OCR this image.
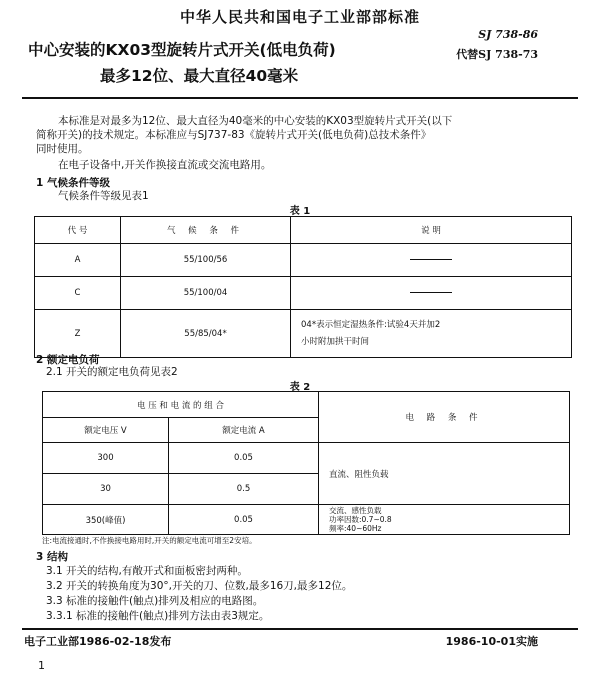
中华人民共和国电子工业部部标准
SJ 738-86
中心安装的KX03型旋转片式开关(低电负荷)	代替SJ 738-73
最多12位、最大直径40毫米
本标准是对最多为12位、最大直径为40毫米的中心安装的KX03型旋转片式开关(以下
简称开关)的技术规定。本标准应与SJ737-83《旋转片式开关(低电负荷)总技术条件》
同时使用。
在电子设备中,开关作换接直流或交流电路用。
1 气候条件等级
气候条件等级见表1
表 1
代 号	气 候 条 件	说 明
A	55/100/56	
C	55/100/04	
Z	55/85/04*	04*表示恒定湿热条件:试验4天并加2
小时附加拱干时间
2 额定电负荷
2.1 开关的额定电负荷见表2
表 2
电 压 和 电 流 的 组 合		电 路 条 件
额定电压 V	额定电流 A	
300	0.05	直流、阻性负载
30	0.5	
350(峰值)	0.05	交流、感性负载
功率因数:0.7~0.8
频率:40~60Hz
注:电流接通时,不作换接电路用时,开关的额定电流可增至2安培。
3 结构
3.1 开关的结构,有敞开式和面板密封两种。
3.2 开关的转换角度为30°,开关的刀、位数,最多16刀,最多12位。
3.3 标准的接触件(触点)排列及相应的电路图。
3.3.1 标准的接触件(触点)排列方法由表3规定。
电子工业部1986-02-18发布	1986-10-01实施
1
